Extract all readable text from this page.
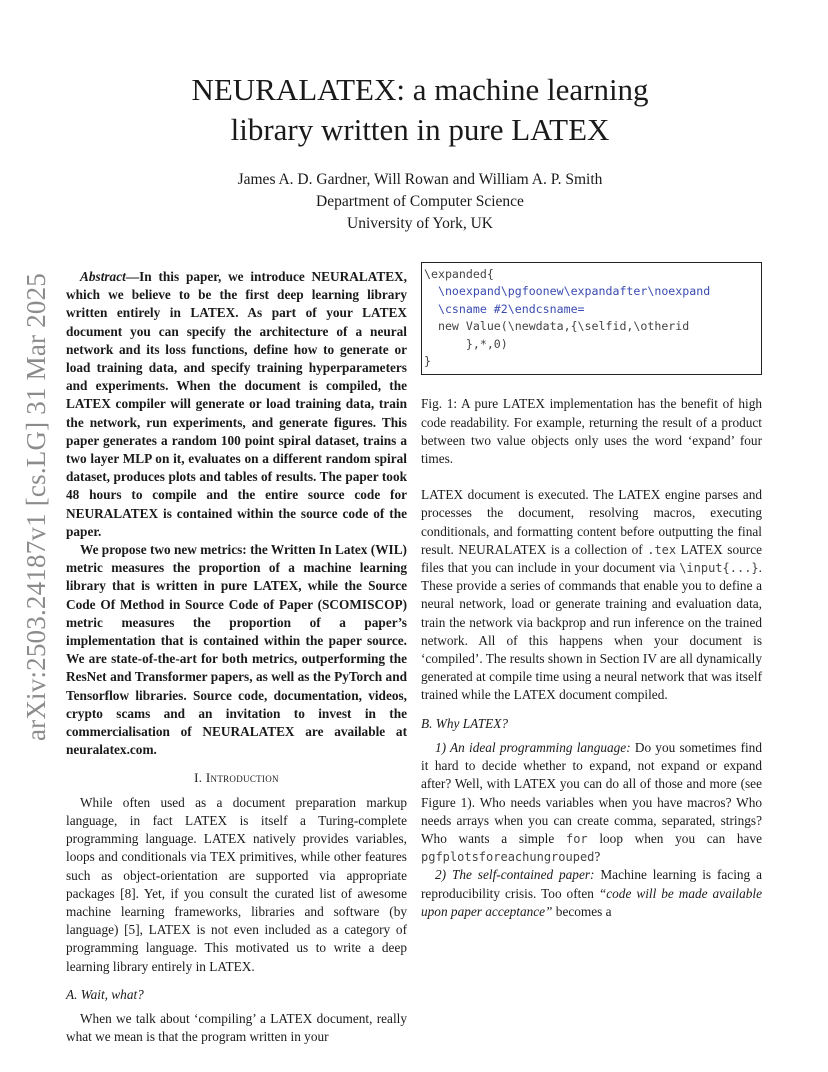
arXiv:2503.24187v1 [cs.LG] 31 Mar 2025
NEURALATEX: a machine learning
library written in pure LATEX
James A. D. Gardner, Will Rowan and William A. P. Smith
Department of Computer Science
University of York, UK

Abstract—In this paper, we introduce NEURALATEX, which we believe to be the first deep learning library written entirely in LATEX. As part of your LATEX document you can specify the architecture of a neural network and its loss functions, define how to generate or load training data, and specify training hyperparameters and experiments. When the document is compiled, the LATEX compiler will generate or load training data, train the network, run experiments, and generate figures. This paper generates a random 100 point spiral dataset, trains a two layer MLP on it, evaluates on a different random spiral dataset, produces plots and tables of results. The paper took 48 hours to compile and the entire source code for NEURALATEX is contained within the source code of the paper.

We propose two new metrics: the Written In Latex (WIL) metric measures the proportion of a machine learning library that is written in pure LATEX, while the Source Code Of Method in Source Code of Paper (SCOMISCOP) metric measures the proportion of a paper’s implementation that is contained within the paper source. We are state-of-the-art for both metrics, outperforming the ResNet and Transformer papers, as well as the PyTorch and Tensorflow libraries. Source code, documentation, videos, crypto scams and an invitation to invest in the commercialisation of NEURALATEX are available at neuralatex.com.

I. Introduction

While often used as a document preparation markup language, in fact LATEX is itself a Turing-complete programming language. LATEX natively provides variables, loops and conditionals via TEX primitives, while other features such as object-orientation are supported via appropriate packages [8]. Yet, if you consult the curated list of awesome machine learning frameworks, libraries and software (by language) [5], LATEX is not even included as a category of programming language. This motivated us to write a deep learning library entirely in LATEX.

A. Wait, what?

When we talk about ‘compiling’ a LATEX document, really what we mean is that the program written in your

\expanded{
\noexpand\pgfoonew\expandafter\noexpand
\csname #2\endcsname=
new Value(\newdata,{\selfid,\otherid
},*,0)
}

Fig. 1: A pure LATEX implementation has the benefit of high code readability. For example, returning the result of a product between two value objects only uses the word ‘expand’ four times.

LATEX document is executed. The LATEX engine parses and processes the document, resolving macros, executing conditionals, and formatting content before outputting the final result. NEURALATEX is a collection of .tex LATEX source files that you can include in your document via \input{...}. These provide a series of commands that enable you to define a neural network, load or generate training and evaluation data, train the network via backprop and run inference on the trained network. All of this happens when your document is ‘compiled’. The results shown in Section IV are all dynamically generated at compile time using a neural network that was itself trained while the LATEX document compiled.

B. Why LATEX?

1) An ideal programming language: Do you sometimes find it hard to decide whether to expand, not expand or expand after? Well, with LATEX you can do all of those and more (see Figure 1). Who needs variables when you have macros? Who needs arrays when you can create comma, separated, strings? Who wants a simple for loop when you can have pgfplotsforeachungrouped?

2) The self-contained paper: Machine learning is facing a reproducibility crisis. Too often “code will be made available upon paper acceptance” becomes a
